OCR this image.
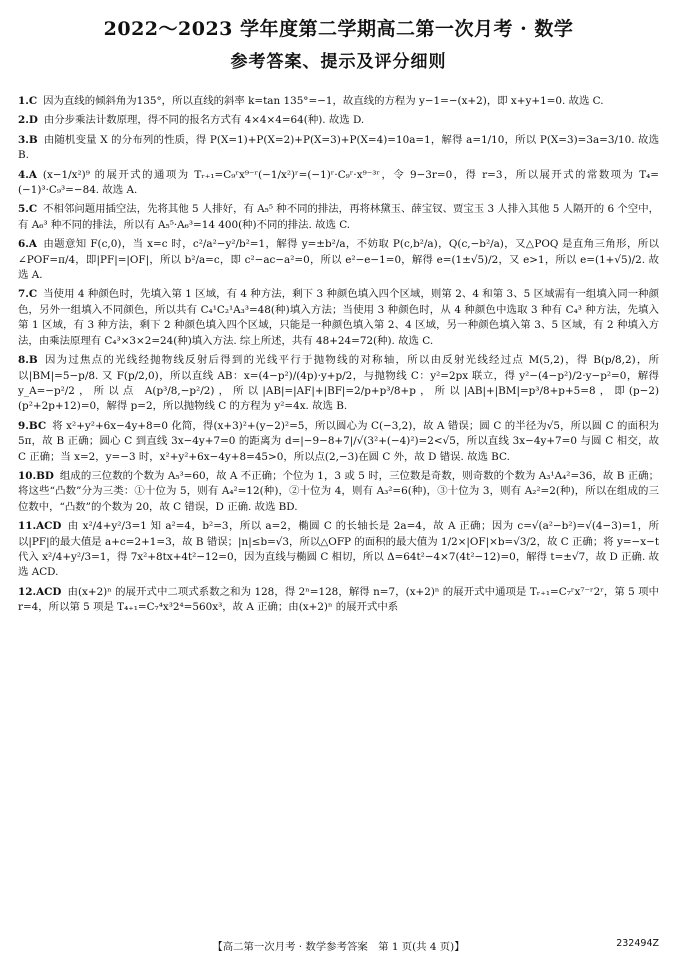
2022～2023 学年度第二学期高二第一次月考 · 数学
参考答案、提示及评分细则
1.C 因为直线的倾斜角为135°，所以直线的斜率 k=tan 135°=−1，故直线的方程为 y−1=−(x+2)，即 x+y+1=0. 故选 C.
2.D 由分步乘法计数原理，得不同的报名方式有 4×4×4=64(种). 故选 D.
3.B 由随机变量 X 的分布列的性质，得 P(X=1)+P(X=2)+P(X=3)+P(X=4)=10a=1，解得 a=1/10，所以 P(X=3)=3a=3/10. 故选 B.
4.A (x−1/x²)⁹ 的展开式的通项为 Tᵣ₊₁=C₉ʳx⁹⁻ʳ(−1/x²)ʳ=(−1)ʳ·C₉ʳ·x⁹⁻³ʳ，令 9−3r=0，得 r=3，所以展开式的常数项为 T₄=(−1)³·C₉³=−84. 故选 A.
5.C 不相邻问题用插空法，先将其他 5 人排好，有 A₅⁵ 种不同的排法，再将林黛玉、薛宝钗、贾宝玉 3 人排入其他 5 人隔开的 6 个空中，有 A₆³ 种不同的排法，所以有 A₅⁵·A₆³=14 400(种)不同的排法. 故选 C.
6.A 由题意知 F(c,0)，当 x=c 时，c²/a²−y²/b²=1，解得 y=±b²/a，不妨取 P(c,b²/a)，Q(c,−b²/a)，又△POQ 是直角三角形，所以∠POF=π/4，即|PF|=|OF|，所以 b²/a=c，即 c²−ac−a²=0，所以 e²−e−1=0，解得 e=(1±√5)/2，又 e>1，所以 e=(1+√5)/2. 故选 A.
7.C 当使用 4 种颜色时，先填入第 1 区域，有 4 种方法，剩下 3 种颜色填入四个区域，则第 2、4 和第 3、5 区域需有一组填入同一种颜色，另外一组填入不同颜色，所以共有 C₄¹C₂¹A₃³=48(种)填入方法；当使用 3 种颜色时，从 4 种颜色中选取 3 种有 C₄³ 种方法，先填入第 1 区域，有 3 种方法，剩下 2 种颜色填入四个区域，只能是一种颜色填入第 2、4 区域，另一种颜色填入第 3、5 区域，有 2 种填入方法，由乘法原理有 C₄³×3×2=24(种)填入方法. 综上所述，共有 48+24=72(种). 故选 C.
8.B 因为过焦点的光线经抛物线反射后得到的光线平行于抛物线的对称轴，所以由反射光线经过点 M(5,2)，得 B(p/8,2)，所以|BM|=5−p/8. 又 F(p/2,0)，所以直线 AB：x=(4−p²)/(4p)·y+p/2，与抛物线 C：y²=2px 联立，得 y²−(4−p²)/2·y−p²=0，解得 y_A=−p²/2，所以点 A(p³/8,−p²/2)，所以|AB|=|AF|+|BF|=2/p+p³/8+p，所以|AB|+|BM|=p³/8+p+5=8，即(p−2)(p²+2p+12)=0，解得 p=2，所以抛物线 C 的方程为 y²=4x. 故选 B.
9.BC 将 x²+y²+6x−4y+8=0 化简，得(x+3)²+(y−2)²=5，所以圆心为 C(−3,2)，故 A 错误；圆 C 的半径为√5，所以圆 C 的面积为 5π，故 B 正确；圆心 C 到直线 3x−4y+7=0 的距离为 d=|−9−8+7|/√(3²+(−4)²)=2<√5，所以直线 3x−4y+7=0 与圆 C 相交，故 C 正确；当 x=2，y=−3 时，x²+y²+6x−4y+8=45>0，所以点(2,−3)在圆 C 外，故 D 错误. 故选 BC.
10.BD 组成的三位数的个数为 A₅³=60，故 A 不正确；个位为 1，3 或 5 时，三位数是奇数，则奇数的个数为 A₃¹A₄²=36，故 B 正确；将这些“凸数”分为三类：①十位为 5，则有 A₄²=12(种)，②十位为 4，则有 A₃²=6(种)，③十位为 3，则有 A₂²=2(种)，所以在组成的三位数中，“凸数”的个数为 20，故 C 错误，D 正确. 故选 BD.
11.ACD 由 x²/4+y²/3=1 知 a²=4，b²=3，所以 a=2，椭圆 C 的长轴长是 2a=4，故 A 正确；因为 c=√(a²−b²)=√(4−3)=1，所以|PF|的最大值是 a+c=2+1=3，故 B 错误；|n|≤b=√3，所以△OFP 的面积的最大值为 1/2×|OF|×b=√3/2，故 C 正确；将 y=−x−t 代入 x²/4+y²/3=1，得 7x²+8tx+4t²−12=0，因为直线与椭圆 C 相切，所以 Δ=64t²−4×7(4t²−12)=0，解得 t=±√7，故 D 正确. 故选 ACD.
12.ACD 由(x+2)ⁿ 的展开式中二项式系数之和为 128，得 2ⁿ=128，解得 n=7，(x+2)ⁿ 的展开式中通项是 Tᵣ₊₁=C₇ʳx⁷⁻ʳ2ʳ，第 5 项中 r=4，所以第 5 项是 T₄₊₁=C₇⁴x³2⁴=560x³，故 A 正确；由(x+2)ⁿ 的展开式中系
【高二第一次月考 · 数学参考答案　第 1 页(共 4 页)】	232494Z
